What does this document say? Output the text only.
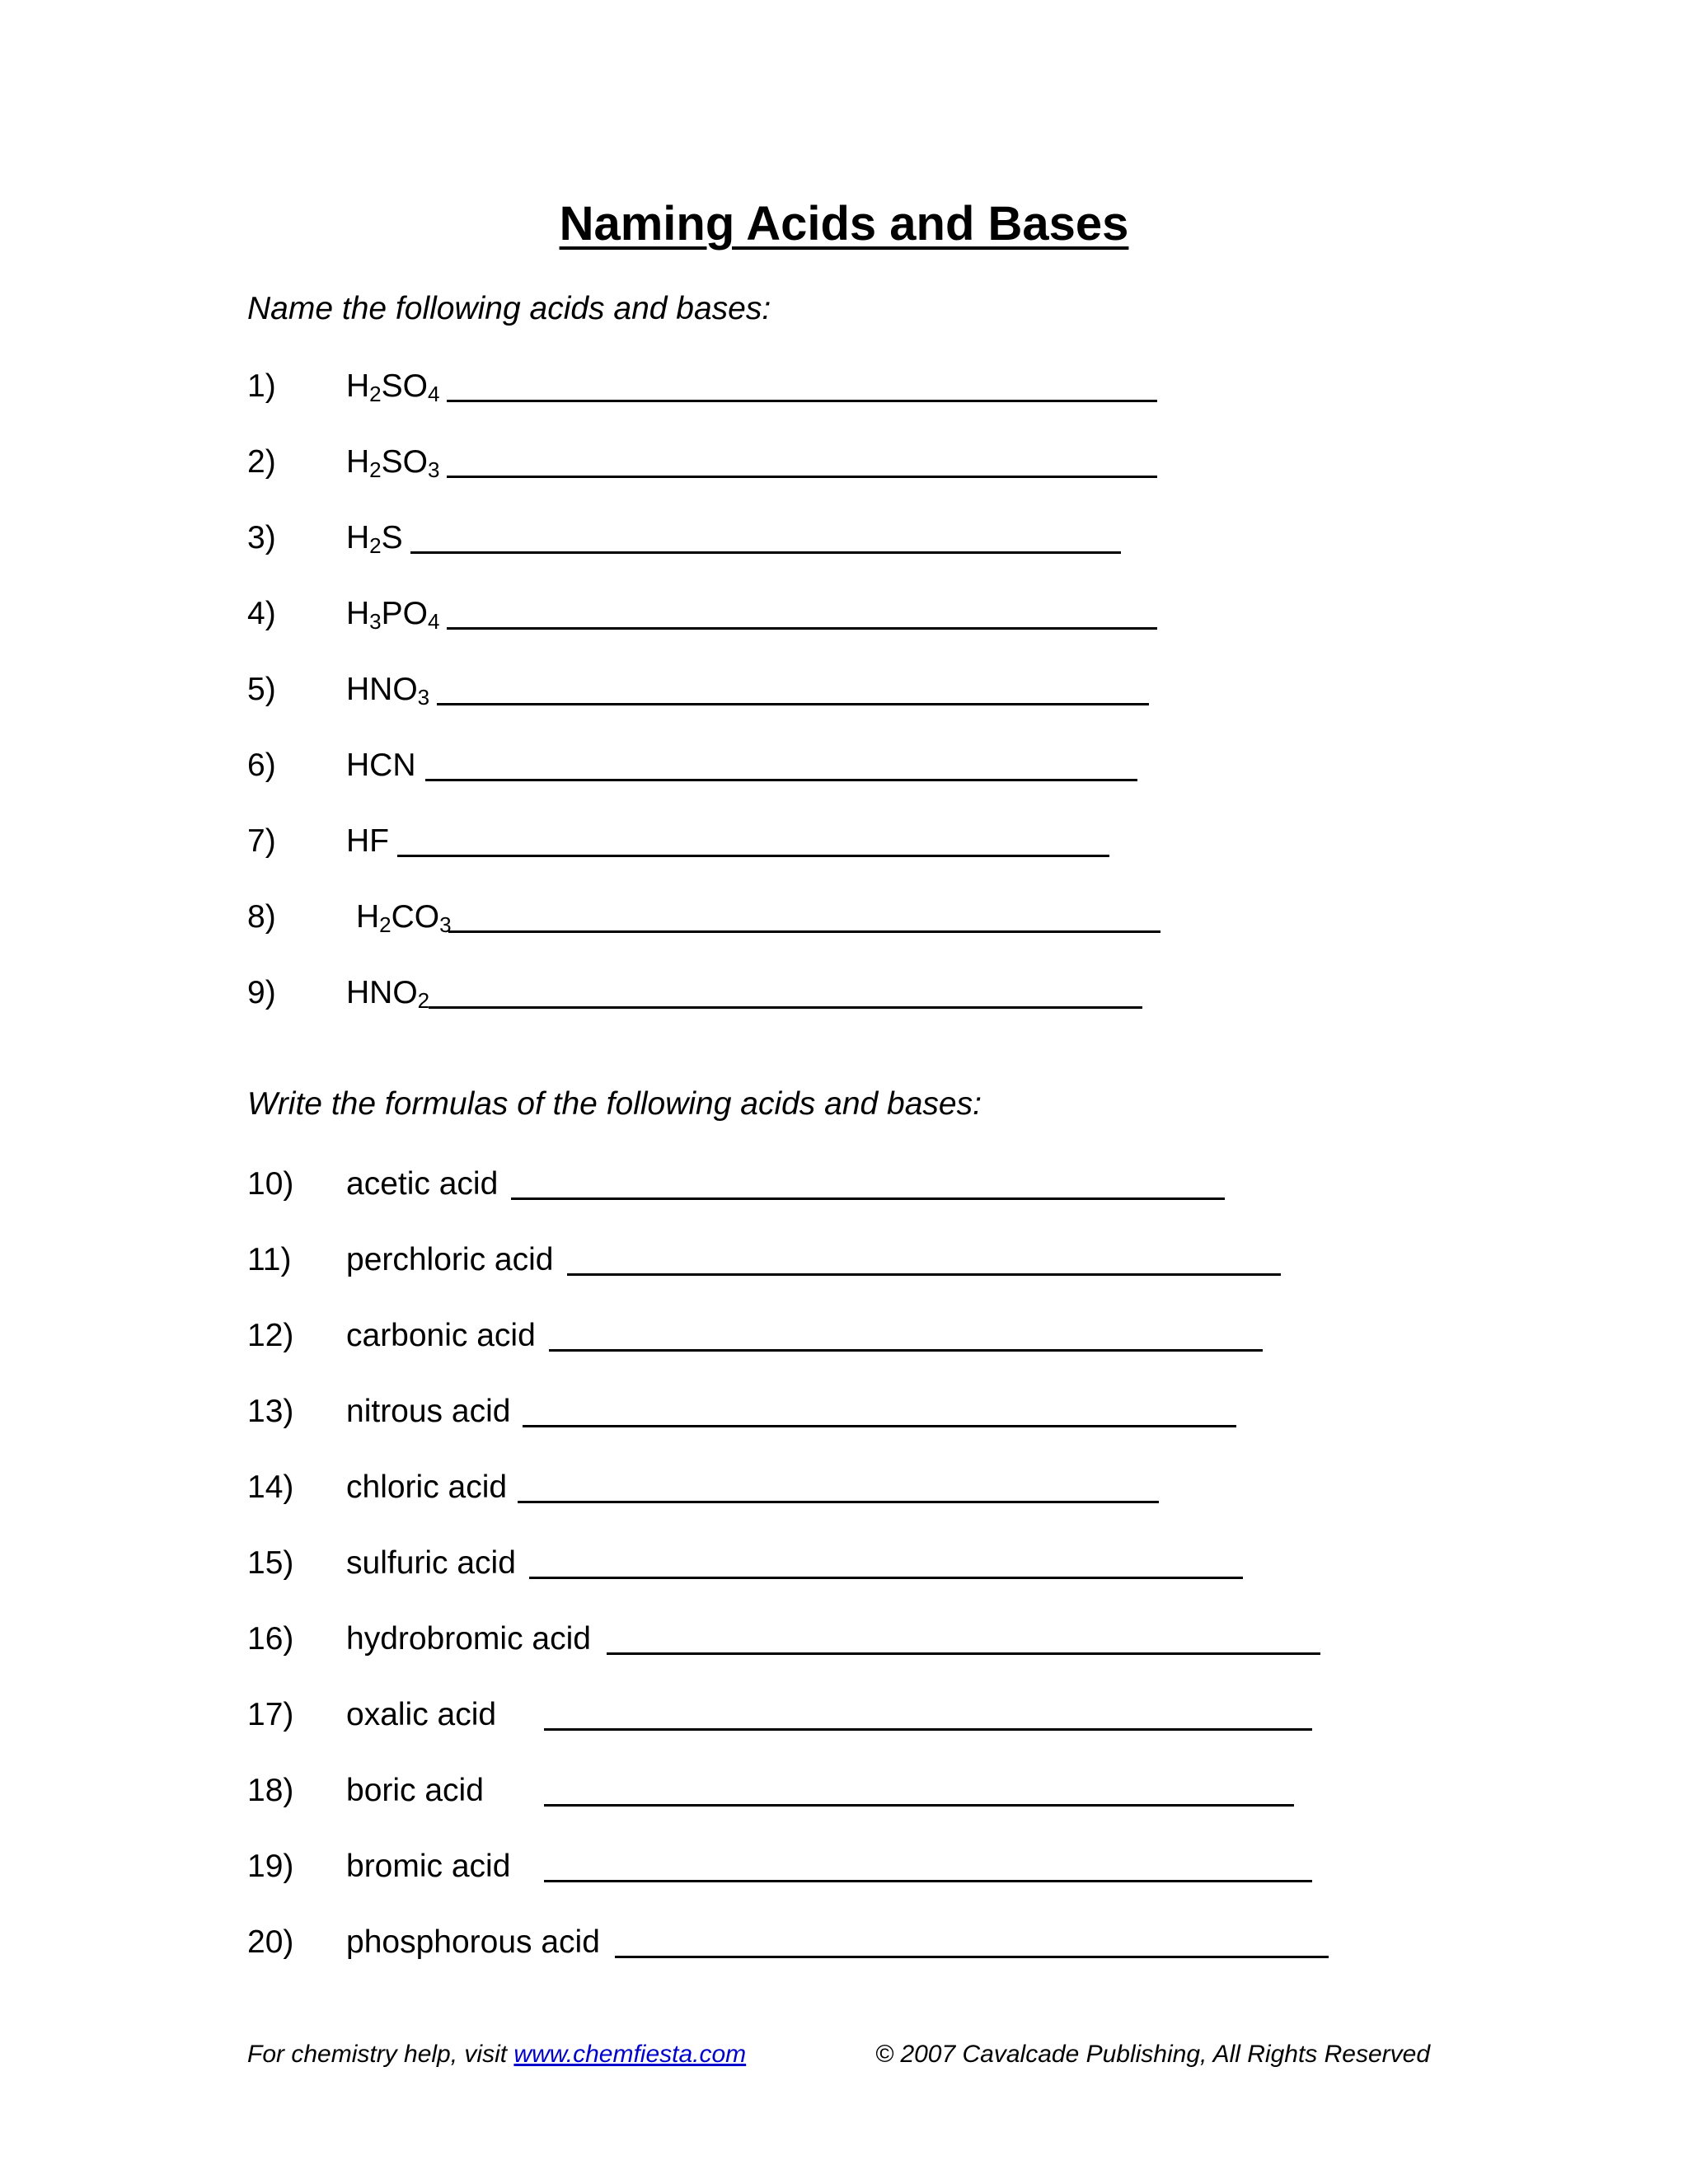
Naming Acids and Bases
Name the following acids and bases:
1) $H_2SO_4$
2) $H_2SO_3$
3) $H_2S$
4) $H_3PO_4$
5) $HNO_3$
6) HCN
7) HF
8) $H_2CO_3$
9) $HNO_2$
Write the formulas of the following acids and bases:
10) acetic acid
11) perchloric acid
12) carbonic acid
13) nitrous acid
14) chloric acid
15) sulfuric acid
16) hydrobromic acid
17) oxalic acid
18) boric acid
19) bromic acid
20) phosphorous acid
For chemistry help, visit www.chemfiesta.com	© 2007 Cavalcade Publishing, All Rights Reserved
